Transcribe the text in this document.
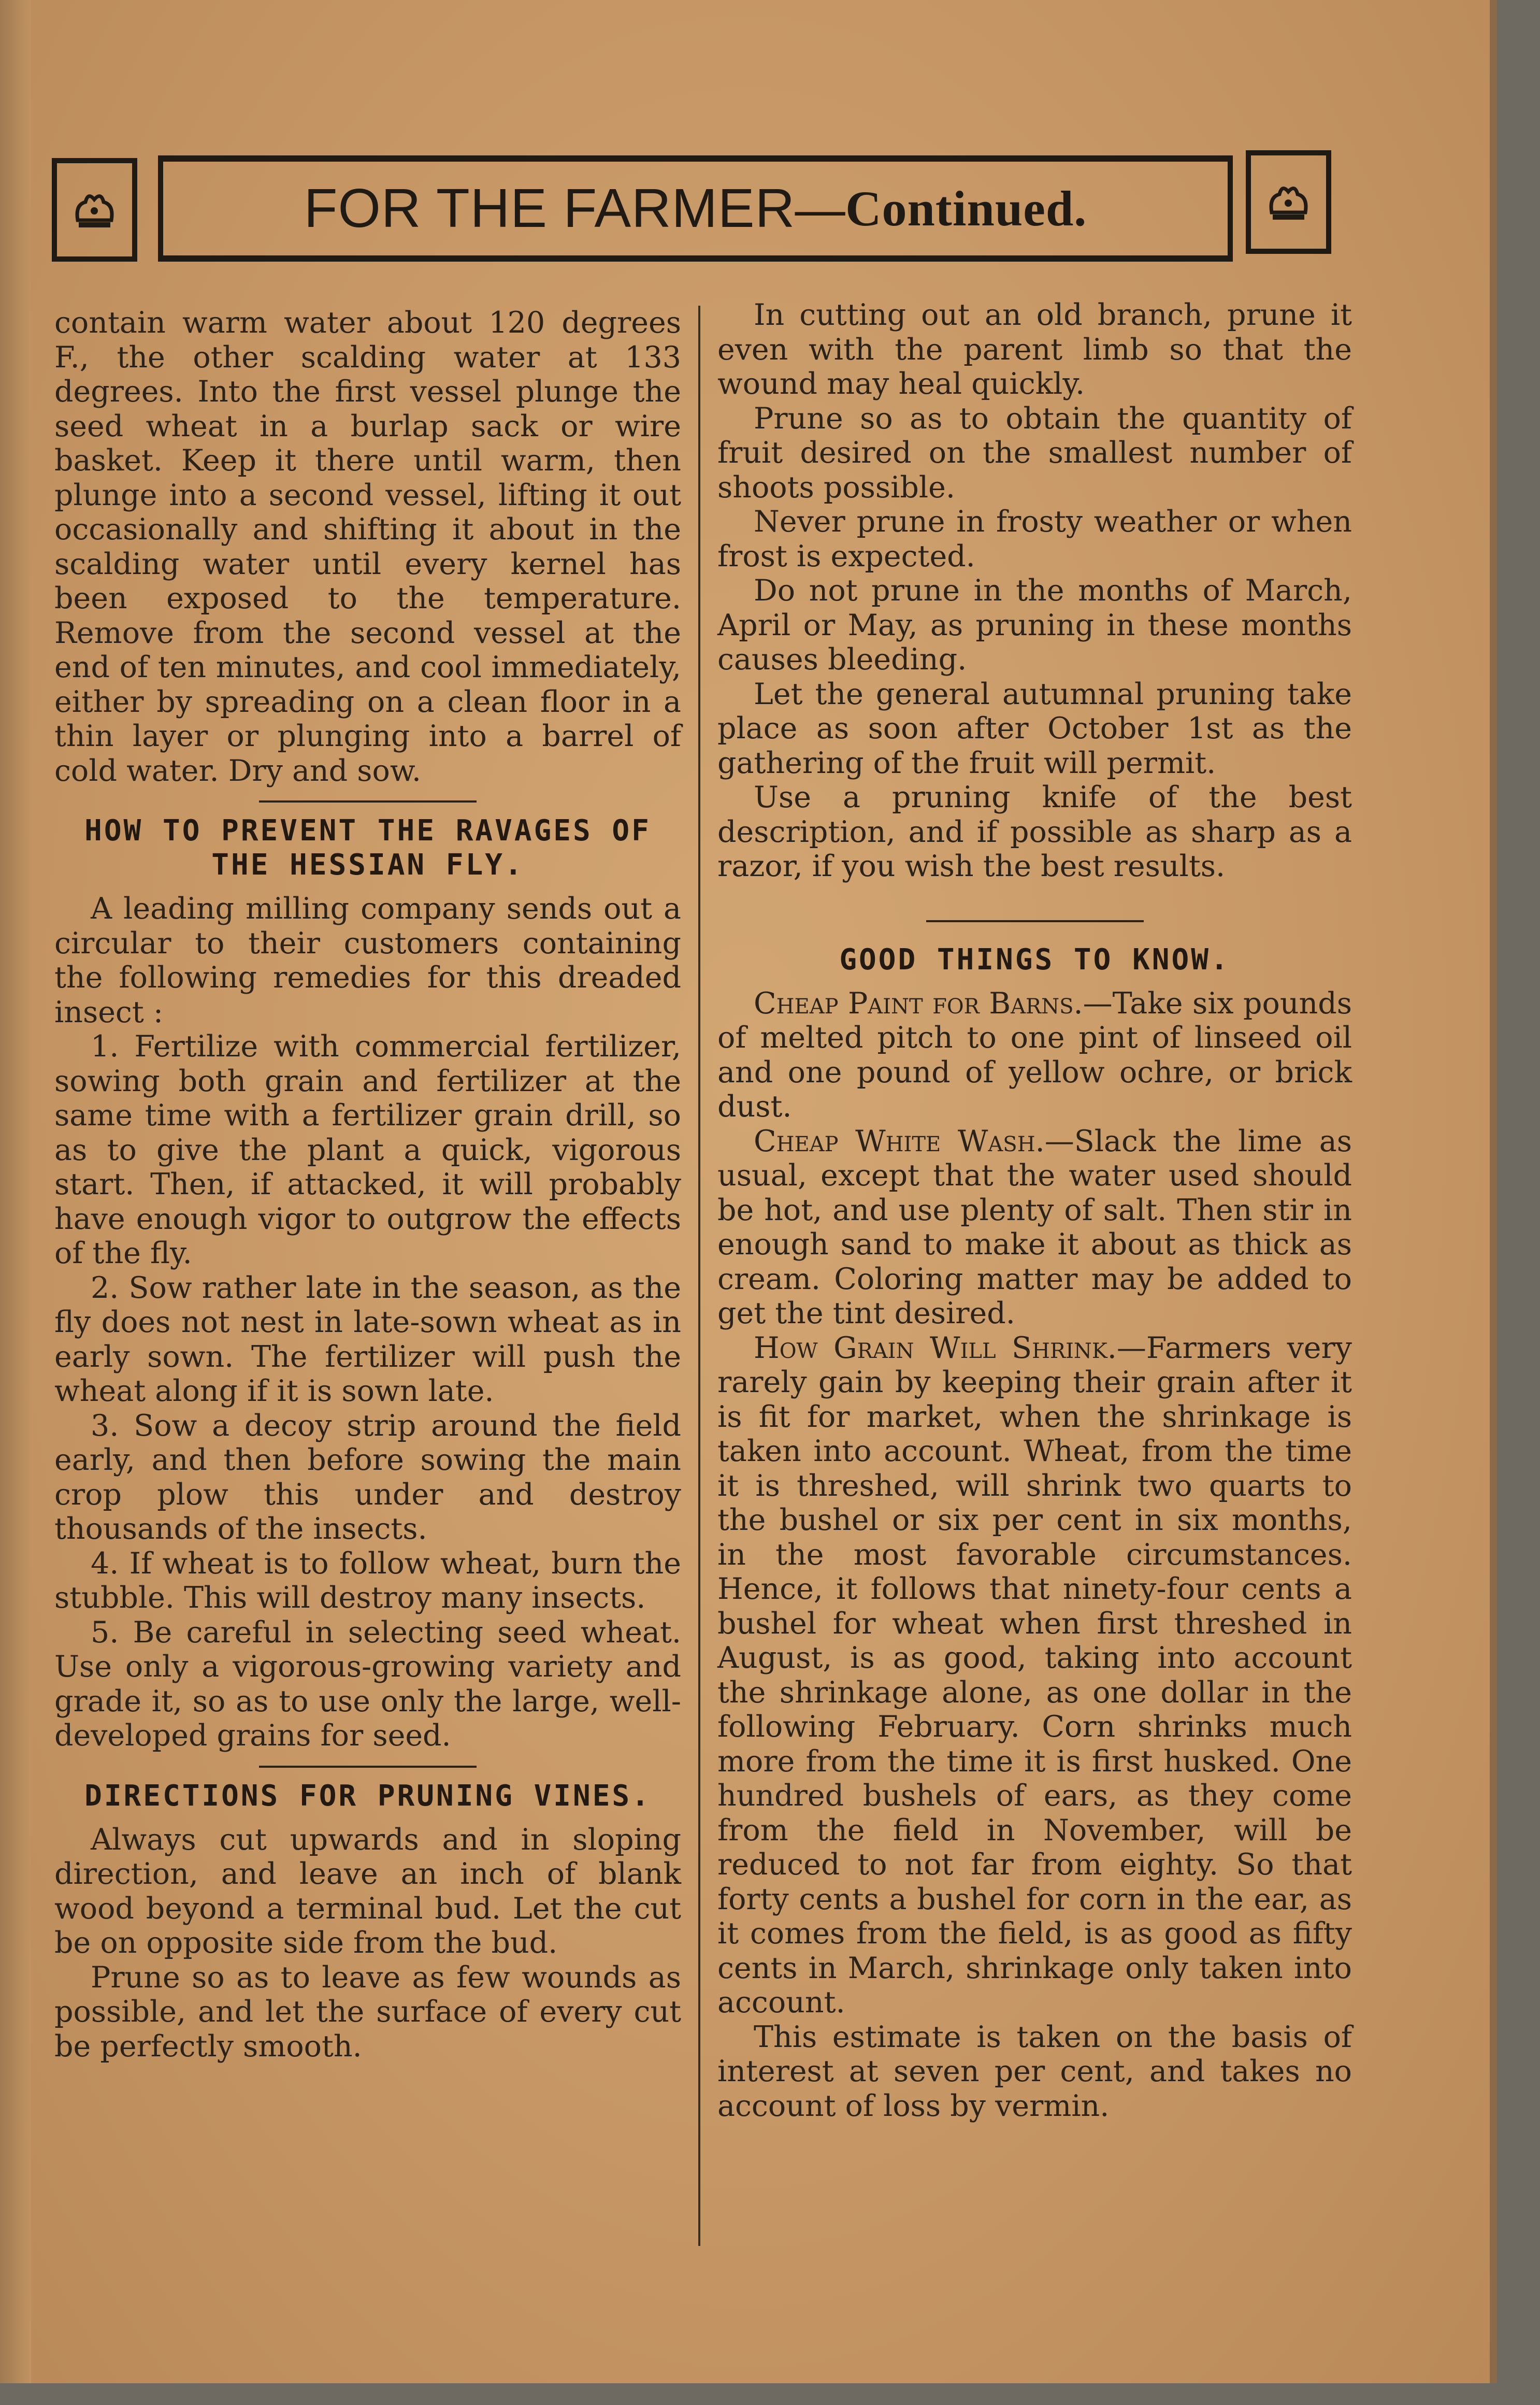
FOR THE FARMER —Continued.

contain warm water about 120 degrees F., the other scalding water at 133 degrees. Into the first vessel plunge the seed wheat in a burlap sack or wire basket. Keep it there until warm, then plunge into a second vessel, lifting it out occasionally and shifting it about in the scalding water until every kernel has been exposed to the temperature. Remove from the second vessel at the end of ten minutes, and cool immediately, either by spreading on a clean floor in a thin layer or plunging into a barrel of cold water. Dry and sow.

HOW TO PREVENT THE RAVAGES OF THE HESSIAN FLY.

A leading milling company sends out a circular to their customers containing the following remedies for this dreaded insect :

1. Fertilize with commercial fertilizer, sowing both grain and fertilizer at the same time with a fertilizer grain drill, so as to give the plant a quick, vigorous start. Then, if attacked, it will probably have enough vigor to outgrow the effects of the fly.

2. Sow rather late in the season, as the fly does not nest in late-sown wheat as in early sown. The fertilizer will push the wheat along if it is sown late.

3. Sow a decoy strip around the field early, and then before sowing the main crop plow this under and destroy thousands of the insects.

4. If wheat is to follow wheat, burn the stubble. This will destroy many insects.

5. Be careful in selecting seed wheat. Use only a vigorous-growing variety and grade it, so as to use only the large, well-developed grains for seed.

DIRECTIONS FOR PRUNING VINES.

Always cut upwards and in sloping direction, and leave an inch of blank wood beyond a terminal bud. Let the cut be on opposite side from the bud.

Prune so as to leave as few wounds as possible, and let the surface of every cut be perfectly smooth.

In cutting out an old branch, prune it even with the parent limb so that the wound may heal quickly.

Prune so as to obtain the quantity of fruit desired on the smallest number of shoots possible.

Never prune in frosty weather or when frost is expected.

Do not prune in the months of March, April or May, as pruning in these months causes bleeding.

Let the general autumnal pruning take place as soon after October 1st as the gathering of the fruit will permit.

Use a pruning knife of the best description, and if possible as sharp as a razor, if you wish the best results.

GOOD THINGS TO KNOW.

Cheap Paint for Barns.—Take six pounds of melted pitch to one pint of linseed oil and one pound of yellow ochre, or brick dust.

Cheap White Wash.—Slack the lime as usual, except that the water used should be hot, and use plenty of salt. Then stir in enough sand to make it about as thick as cream. Coloring matter may be added to get the tint desired.

How Grain Will Shrink.—Farmers very rarely gain by keeping their grain after it is fit for market, when the shrinkage is taken into account. Wheat, from the time it is threshed, will shrink two quarts to the bushel or six per cent in six months, in the most favorable circumstances. Hence, it follows that ninety-four cents a bushel for wheat when first threshed in August, is as good, taking into account the shrinkage alone, as one dollar in the following February. Corn shrinks much more from the time it is first husked. One hundred bushels of ears, as they come from the field in November, will be reduced to not far from eighty. So that forty cents a bushel for corn in the ear, as it comes from the field, is as good as fifty cents in March, shrinkage only taken into account.

This estimate is taken on the basis of interest at seven per cent, and takes no account of loss by vermin.
